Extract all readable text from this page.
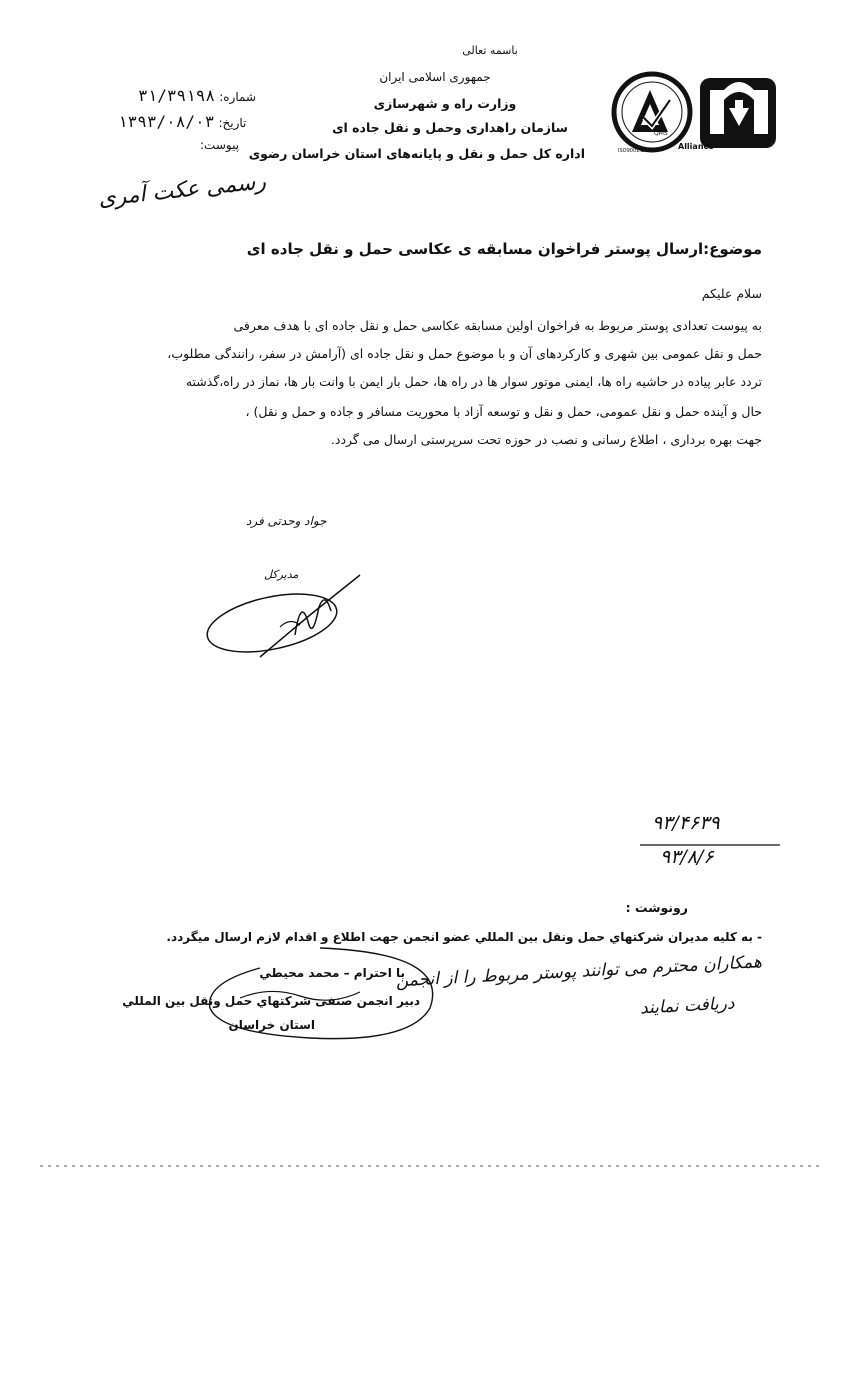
QMS
Alliance
ISO9001:2008
باسمه تعالی
جمهوری اسلامی ایران
وزارت راه و شهرسازی
سازمان راهداری وحمل و نقل جاده ای
اداره کل حمل و نقل و پایانه‌های استان خراسان رضوی
شماره: ۳۱/۳۹۱۹۸
تاریخ: ۱۳۹۳/۰۸/۰۳
پیوست:
رسمی عکت آمری
موضوع:ارسال پوستر فراخوان مسابقه ی عکاسی حمل و نقل جاده ای
سلام علیکم
به پیوست تعدادی پوستر مربوط به فراخوان اولین مسابقه عکاسی حمل و نقل جاده ای با هدف معرفی
حمل و نقل عمومی بین شهری و کارکردهای آن و با موضوع حمل و نقل جاده ای (آرامش در سفر، رانندگی مطلوب،
تردد عابر پیاده در حاشیه راه ها، ایمنی موتور سوار ها در راه ها، حمل بار ایمن با وانت بار ها، نماز در راه،گذشته
حال و آینده حمل و نقل عمومی، حمل و نقل و توسعه آزاد با محوریت مسافر و جاده و حمل و نقل) ،
جهت بهره برداری ، اطلاع رسانی و نصب در حوزه تحت سرپرستی ارسال می گردد.
جواد وحدتی فرد
مدیرکل
۹۳/۴۶۳۹
۹۳/۸/۶
رونوشت :
- به کلیه مدیران شرکتهاي حمل ونقل بین المللي عضو انجمن جهت اطلاع و اقدام لازم ارسال میگردد.
با احترام – محمد محیطي
دبیر انجمن صنفی شرکتهاي حمل ونقل بین المللي
استان خراسان
همکاران محترم می توانند پوستر مربوط را از انجمن
دریافت نمایند
